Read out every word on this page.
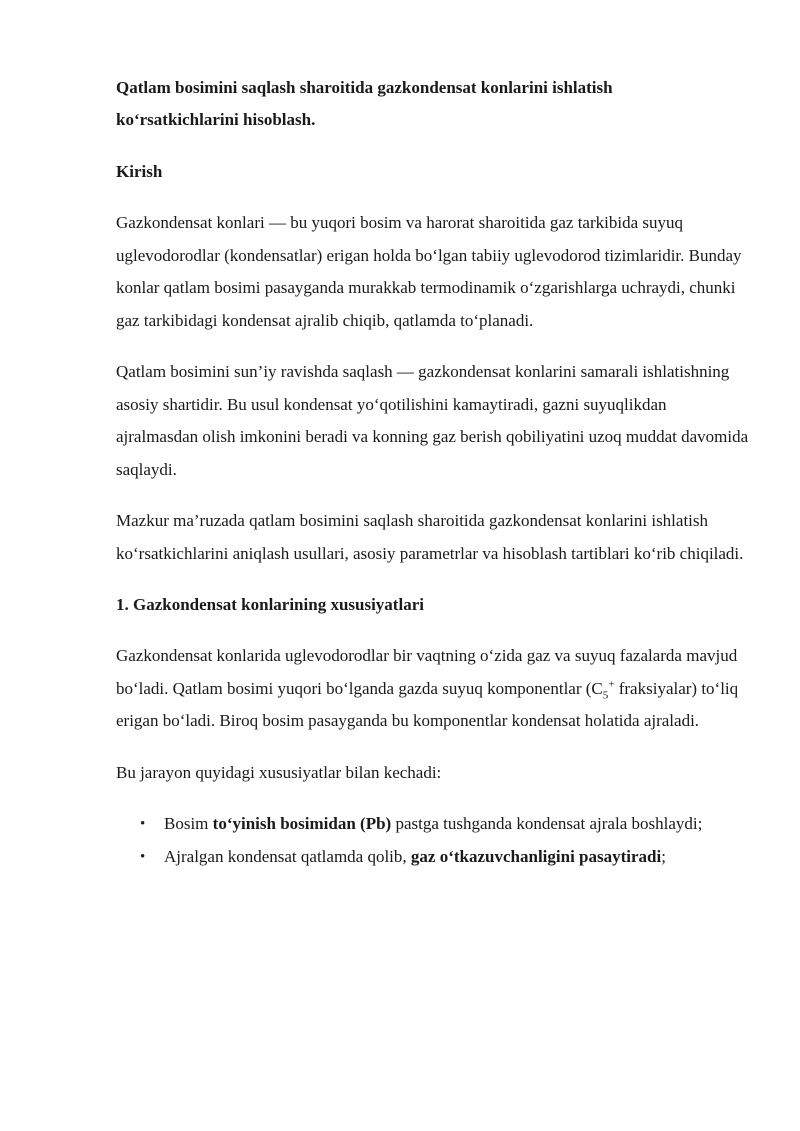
Qatlam bosimini saqlash sharoitida gazkondensat konlarini ishlatish
ko‘rsatkichlarini hisoblash.
Kirish

Gazkondensat konlari — bu yuqori bosim va harorat sharoitida gaz tarkibida suyuq uglevodorodlar (kondensatlar) erigan holda bo‘lgan tabiiy uglevodorod tizimlaridir. Bunday konlar qatlam bosimi pasayganda murakkab termodinamik o‘zgarishlarga uchraydi, chunki gaz tarkibidagi kondensat ajralib chiqib, qatlamda to‘planadi.

Qatlam bosimini sun’iy ravishda saqlash — gazkondensat konlarini samarali ishlatishning asosiy shartidir. Bu usul kondensat yo‘qotilishini kamaytiradi, gazni suyuqlikdan ajralmasdan olish imkonini beradi va konning gaz berish qobiliyatini uzoq muddat davomida saqlaydi.

Mazkur ma’ruzada qatlam bosimini saqlash sharoitida gazkondensat konlarini ishlatish ko‘rsatkichlarini aniqlash usullari, asosiy parametrlar va hisoblash tartiblari ko‘rib chiqiladi.

1. Gazkondensat konlarining xususiyatlari

Gazkondensat konlarida uglevodorodlar bir vaqtning o‘zida gaz va suyuq fazalarda mavjud bo‘ladi. Qatlam bosimi yuqori bo‘lganda gazda suyuq komponentlar ($C_5^+$ fraksiyalar) to‘liq erigan bo‘ladi. Biroq bosim pasayganda bu komponentlar kondensat holatida ajraladi.

Bu jarayon quyidagi xususiyatlar bilan kechadi:

• Bosim to‘yinish bosimidan (Pb) pastga tushganda kondensat ajrala boshlaydi;
• Ajralgan kondensat qatlamda qolib, gaz o‘tkazuvchanligini pasaytiradi;
